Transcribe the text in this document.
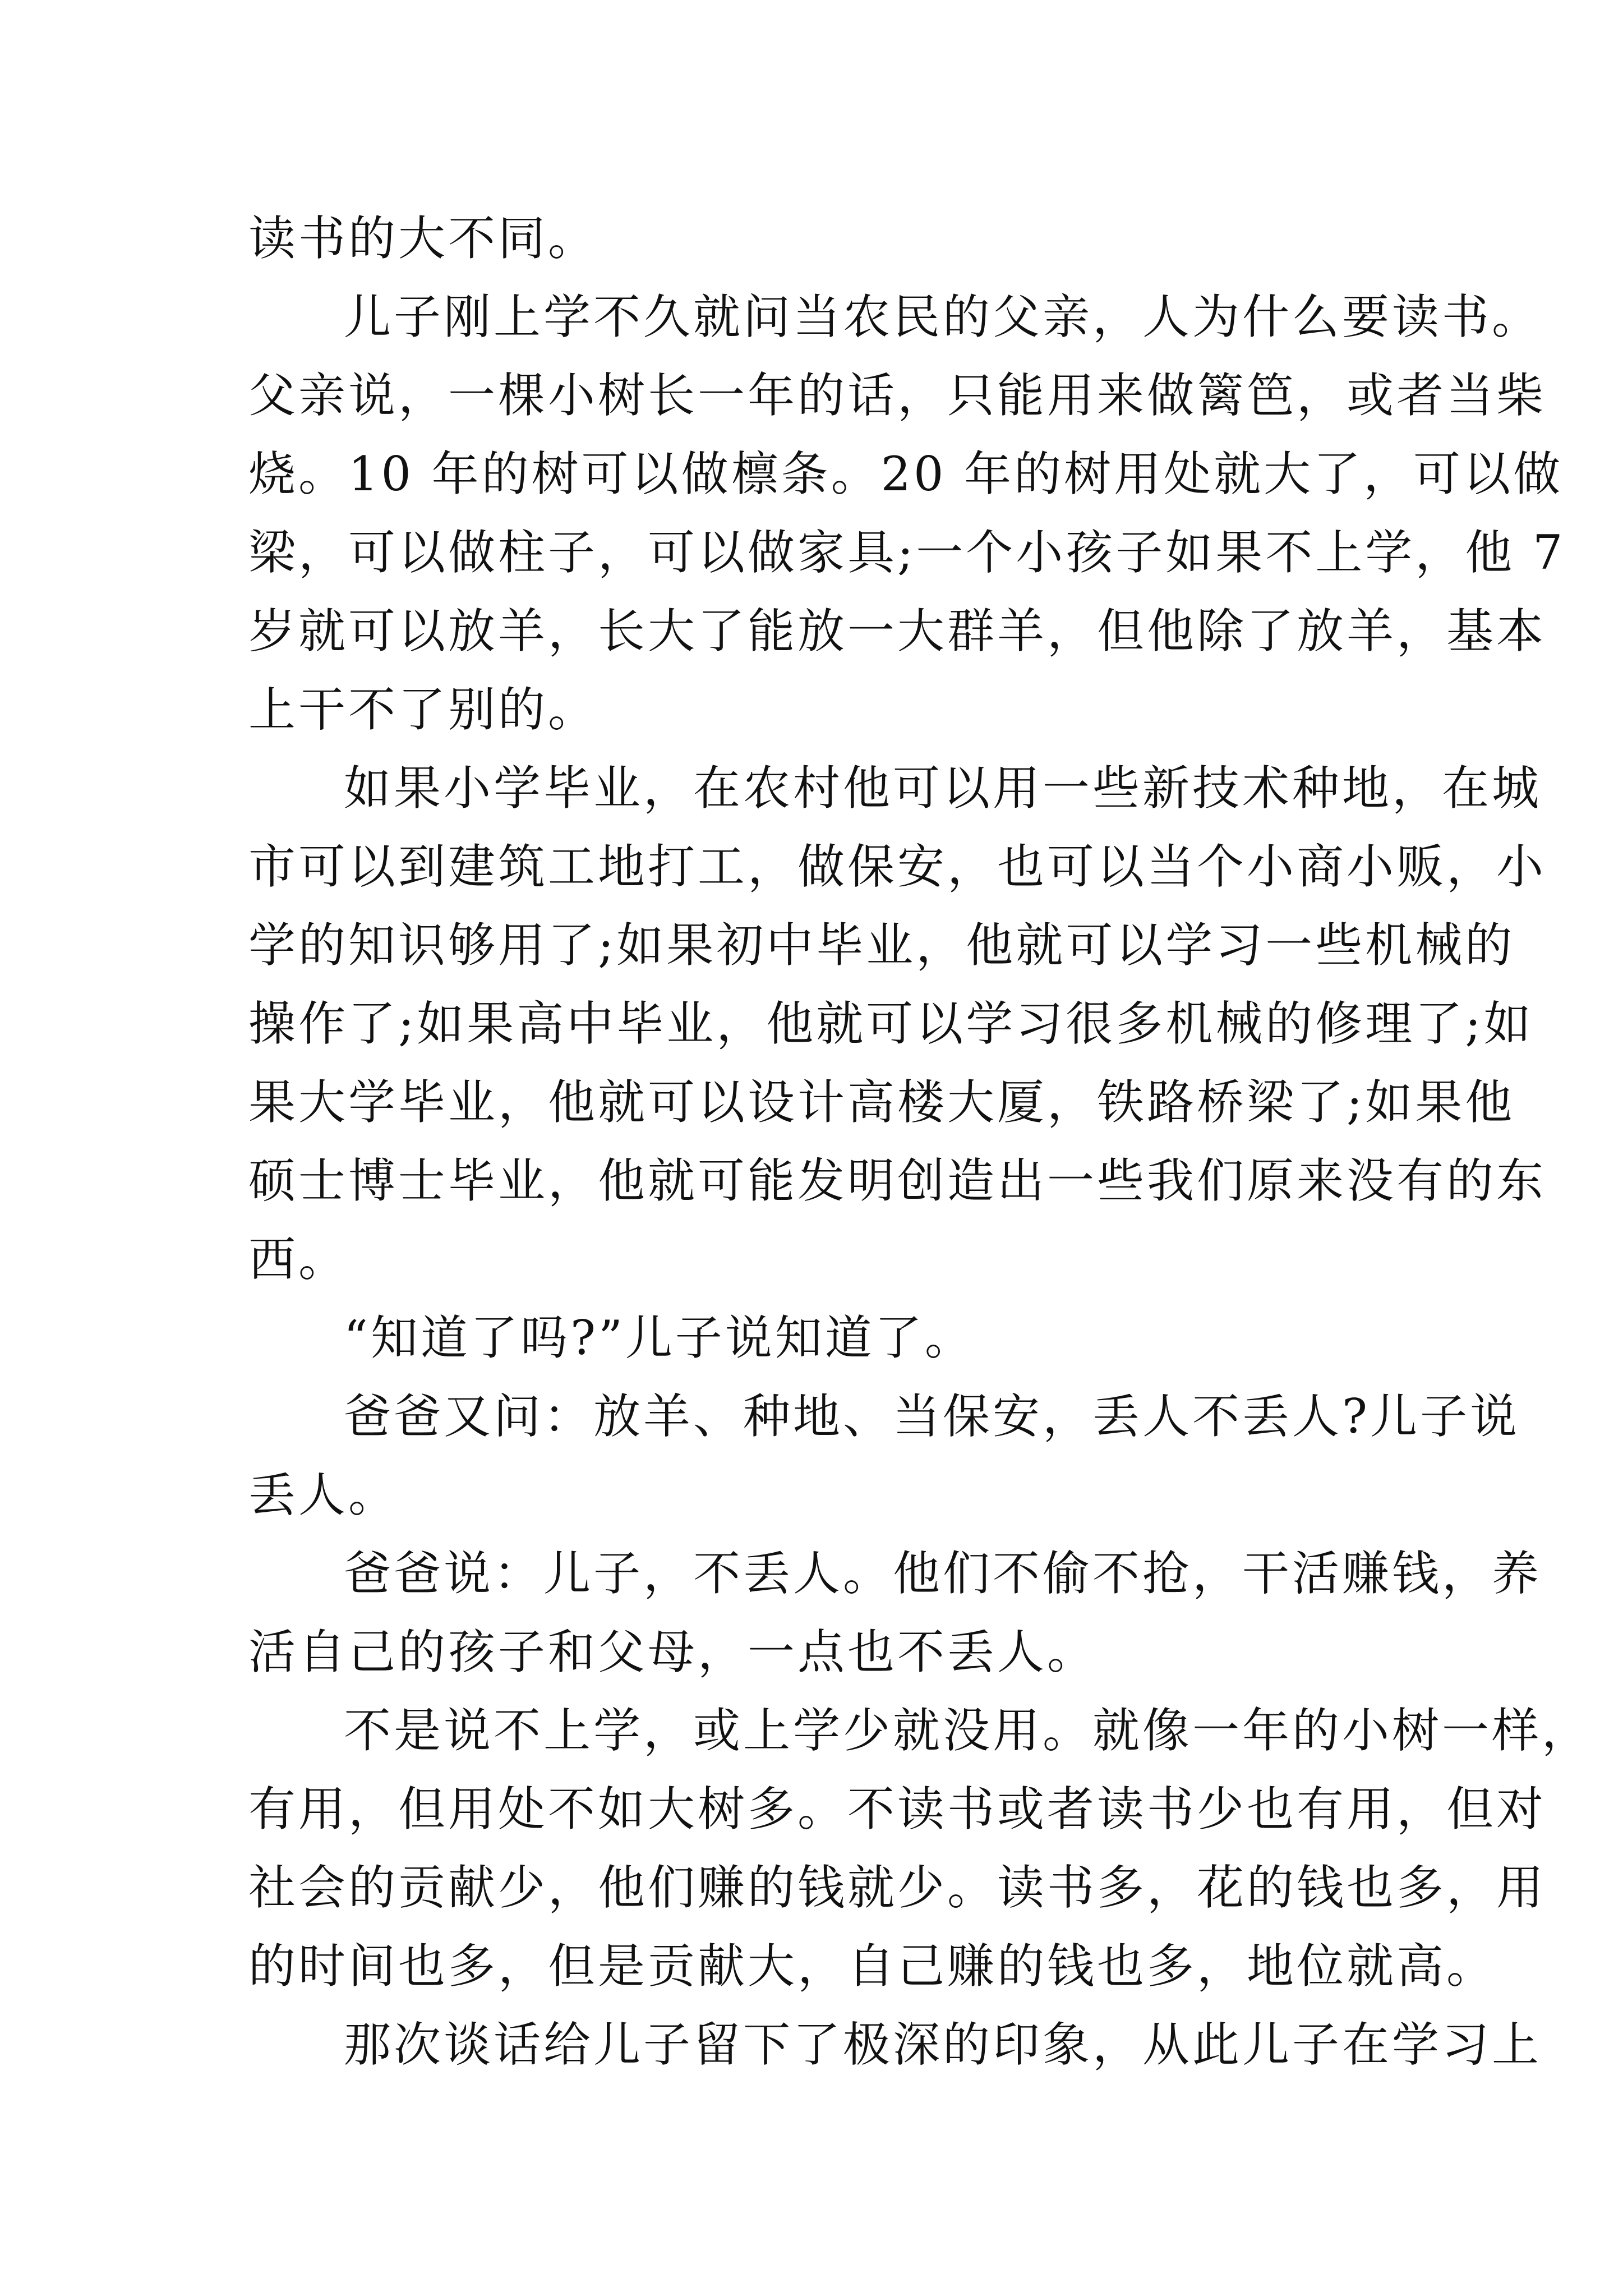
读书的大不同。
儿子刚上学不久就问当农民的父亲，人为什么要读书。
父亲说，一棵小树长一年的话，只能用来做篱笆，或者当柴
烧。10 年的树可以做檩条。20 年的树用处就大了，可以做
梁，可以做柱子，可以做家具;一个小孩子如果不上学，他 7
岁就可以放羊，长大了能放一大群羊，但他除了放羊，基本
上干不了别的。
如果小学毕业，在农村他可以用一些新技术种地，在城
市可以到建筑工地打工，做保安，也可以当个小商小贩，小
学的知识够用了;如果初中毕业，他就可以学习一些机械的
操作了;如果高中毕业，他就可以学习很多机械的修理了;如
果大学毕业，他就可以设计高楼大厦，铁路桥梁了;如果他
硕士博士毕业，他就可能发明创造出一些我们原来没有的东
西。
“知道了吗?”儿子说知道了。
爸爸又问：放羊、种地、当保安，丢人不丢人?儿子说
丢人。
爸爸说：儿子，不丢人。他们不偷不抢，干活赚钱，养
活自己的孩子和父母，一点也不丢人。
不是说不上学，或上学少就没用。就像一年的小树一样，
有用，但用处不如大树多。不读书或者读书少也有用，但对
社会的贡献少，他们赚的钱就少。读书多，花的钱也多，用
的时间也多，但是贡献大，自己赚的钱也多，地位就高。
那次谈话给儿子留下了极深的印象，从此儿子在学习上
